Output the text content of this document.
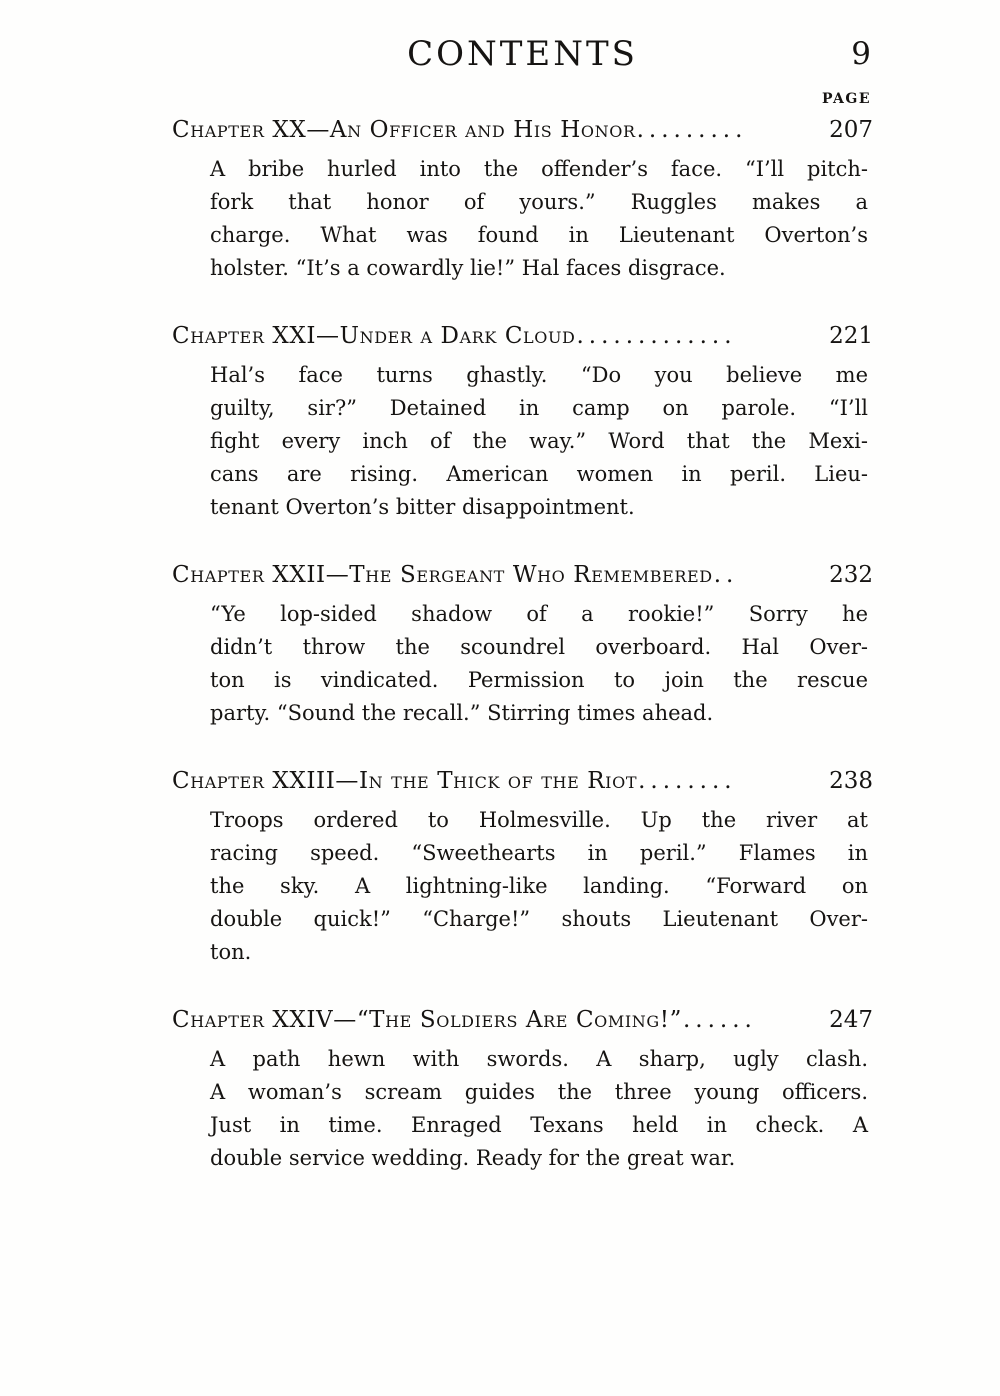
CONTENTS	9
PAGE
Chapter XX—An Officer and His Honor .........	207
A bribe hurled into the offender’s face. “I’ll pitch-
fork that honor of yours.” Ruggles makes a
charge. What was found in Lieutenant Overton’s
holster. “It’s a cowardly lie!” Hal faces disgrace.
Chapter XXI—Under a Dark Cloud .............	221
Hal’s face turns ghastly. “Do you believe me
guilty, sir?” Detained in camp on parole. “I’ll
fight every inch of the way.” Word that the Mexi-
cans are rising. American women in peril. Lieu-
tenant Overton’s bitter disappointment.
Chapter XXII—The Sergeant Who Remembered ..	232
“Ye lop-sided shadow of a rookie!” Sorry he
didn’t throw the scoundrel overboard. Hal Over-
ton is vindicated. Permission to join the rescue
party. “Sound the recall.” Stirring times ahead.
Chapter XXIII—In the Thick of the Riot ........	238
Troops ordered to Holmesville. Up the river at
racing speed. “Sweethearts in peril.” Flames in
the sky. A lightning-like landing. “Forward on
double quick!” “Charge!” shouts Lieutenant Over-
ton.
Chapter XXIV—“The Soldiers Are Coming!” ......	247
A path hewn with swords. A sharp, ugly clash.
A woman’s scream guides the three young officers.
Just in time. Enraged Texans held in check. A
double service wedding. Ready for the great war.
